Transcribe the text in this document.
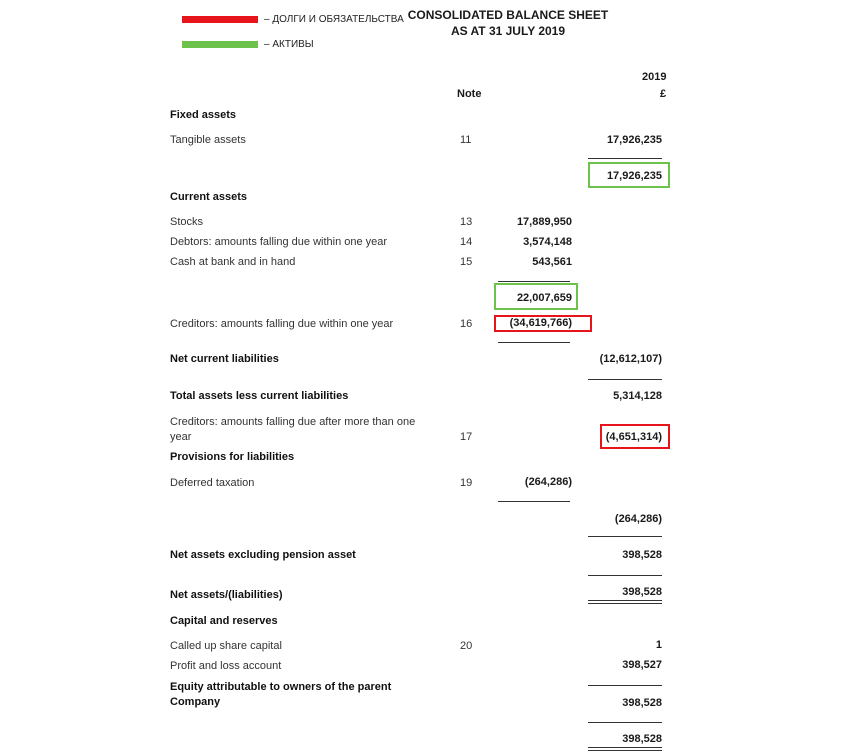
– ДОЛГИ И ОБЯЗАТЕЛЬСТВА
– АКТИВЫ
CONSOLIDATED BALANCE SHEET
AS AT 31 JULY 2019
2019
Note	£
Fixed assets
Tangible assets	11	17,926,235
17,926,235
Current assets
Stocks	13	17,889,950
Debtors: amounts falling due within one year	14	3,574,148
Cash at bank and in hand	15	543,561
22,007,659
Creditors: amounts falling due within one year	16	(34,619,766)
Net current liabilities	(12,612,107)
Total assets less current liabilities	5,314,128
Creditors: amounts falling due after more than one
year	17	(4,651,314)
Provisions for liabilities
Deferred taxation	19	(264,286)
(264,286)
Net assets excluding pension asset	398,528
Net assets/(liabilities)	398,528
Capital and reserves
Called up share capital	20	1
Profit and loss account	398,527
Equity attributable to owners of the parent
Company	398,528
398,528
